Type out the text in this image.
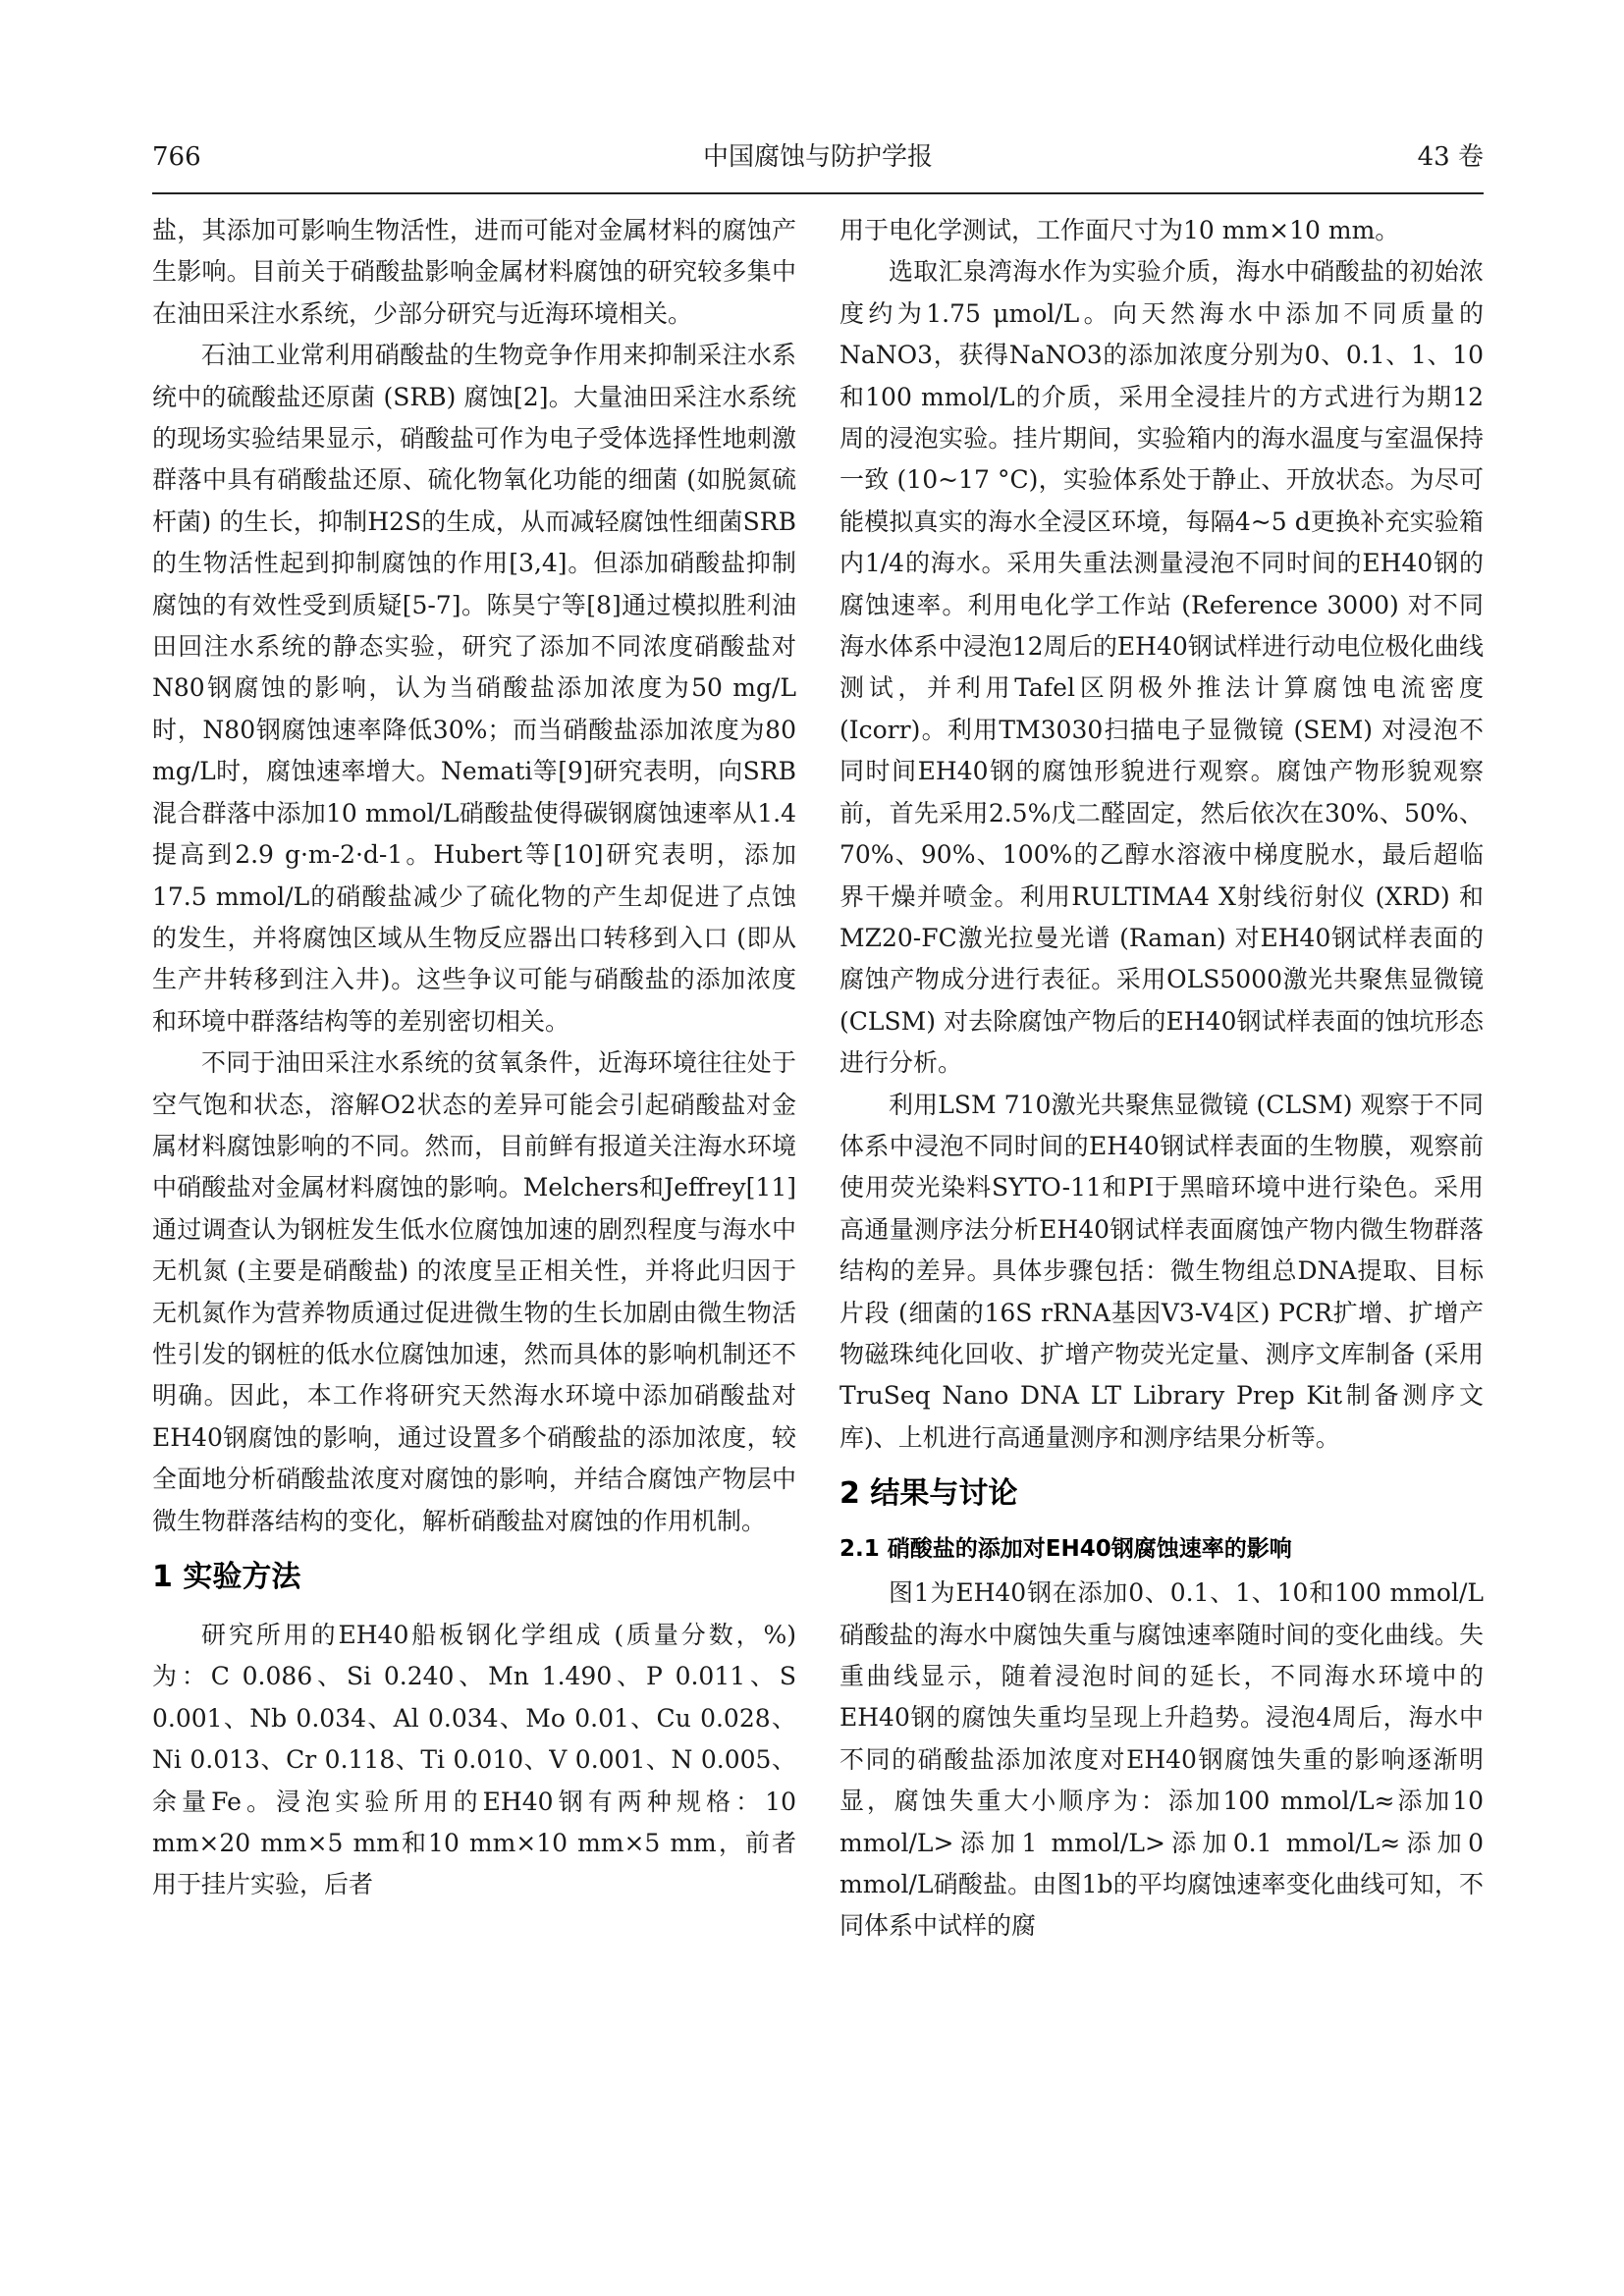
766	中国腐蚀与防护学报	43 卷

盐，其添加可影响生物活性，进而可能对金属材料的腐蚀产生影响。目前关于硝酸盐影响金属材料腐蚀的研究较多集中在油田采注水系统，少部分研究与近海环境相关。

石油工业常利用硝酸盐的生物竞争作用来抑制采注水系统中的硫酸盐还原菌 (SRB) 腐蚀[2]。大量油田采注水系统的现场实验结果显示，硝酸盐可作为电子受体选择性地刺激群落中具有硝酸盐还原、硫化物氧化功能的细菌 (如脱氮硫杆菌) 的生长，抑制H2S的生成，从而减轻腐蚀性细菌SRB的生物活性起到抑制腐蚀的作用[3,4]。但添加硝酸盐抑制腐蚀的有效性受到质疑[5-7]。陈昊宁等[8]通过模拟胜利油田回注水系统的静态实验，研究了添加不同浓度硝酸盐对N80钢腐蚀的影响，认为当硝酸盐添加浓度为50 mg/L时，N80钢腐蚀速率降低30%；而当硝酸盐添加浓度为80 mg/L时，腐蚀速率增大。Nemati等[9]研究表明，向SRB混合群落中添加10 mmol/L硝酸盐使得碳钢腐蚀速率从1.4提高到2.9 g·m-2·d-1。Hubert等[10]研究表明，添加17.5 mmol/L的硝酸盐减少了硫化物的产生却促进了点蚀的发生，并将腐蚀区域从生物反应器出口转移到入口 (即从生产井转移到注入井)。这些争议可能与硝酸盐的添加浓度和环境中群落结构等的差别密切相关。

不同于油田采注水系统的贫氧条件，近海环境往往处于空气饱和状态，溶解O2状态的差异可能会引起硝酸盐对金属材料腐蚀影响的不同。然而，目前鲜有报道关注海水环境中硝酸盐对金属材料腐蚀的影响。Melchers和Jeffrey[11]通过调查认为钢桩发生低水位腐蚀加速的剧烈程度与海水中无机氮 (主要是硝酸盐) 的浓度呈正相关性，并将此归因于无机氮作为营养物质通过促进微生物的生长加剧由微生物活性引发的钢桩的低水位腐蚀加速，然而具体的影响机制还不明确。因此，本工作将研究天然海水环境中添加硝酸盐对EH40钢腐蚀的影响，通过设置多个硝酸盐的添加浓度，较全面地分析硝酸盐浓度对腐蚀的影响，并结合腐蚀产物层中微生物群落结构的变化，解析硝酸盐对腐蚀的作用机制。

1 实验方法

研究所用的EH40船板钢化学组成 (质量分数，%) 为：C 0.086、Si 0.240、Mn 1.490、P 0.011、S 0.001、Nb 0.034、Al 0.034、Mo 0.01、Cu 0.028、Ni 0.013、Cr 0.118、Ti 0.010、V 0.001、N 0.005、余量Fe。浸泡实验所用的EH40钢有两种规格：10 mm×20 mm×5 mm和10 mm×10 mm×5 mm，前者用于挂片实验，后者

用于电化学测试，工作面尺寸为10 mm×10 mm。

选取汇泉湾海水作为实验介质，海水中硝酸盐的初始浓度约为1.75 μmol/L。向天然海水中添加不同质量的NaNO3，获得NaNO3的添加浓度分别为0、0.1、1、10和100 mmol/L的介质，采用全浸挂片的方式进行为期12周的浸泡实验。挂片期间，实验箱内的海水温度与室温保持一致 (10~17 °C)，实验体系处于静止、开放状态。为尽可能模拟真实的海水全浸区环境，每隔4~5 d更换补充实验箱内1/4的海水。采用失重法测量浸泡不同时间的EH40钢的腐蚀速率。利用电化学工作站 (Reference 3000) 对不同海水体系中浸泡12周后的EH40钢试样进行动电位极化曲线测试，并利用Tafel区阴极外推法计算腐蚀电流密度 (Icorr)。利用TM3030扫描电子显微镜 (SEM) 对浸泡不同时间EH40钢的腐蚀形貌进行观察。腐蚀产物形貌观察前，首先采用2.5%戊二醛固定，然后依次在30%、50%、70%、90%、100%的乙醇水溶液中梯度脱水，最后超临界干燥并喷金。利用RULTIMA4 X射线衍射仪 (XRD) 和MZ20-FC激光拉曼光谱 (Raman) 对EH40钢试样表面的腐蚀产物成分进行表征。采用OLS5000激光共聚焦显微镜 (CLSM) 对去除腐蚀产物后的EH40钢试样表面的蚀坑形态进行分析。

利用LSM 710激光共聚焦显微镜 (CLSM) 观察于不同体系中浸泡不同时间的EH40钢试样表面的生物膜，观察前使用荧光染料SYTO-11和PI于黑暗环境中进行染色。采用高通量测序法分析EH40钢试样表面腐蚀产物内微生物群落结构的差异。具体步骤包括：微生物组总DNA提取、目标片段 (细菌的16S rRNA基因V3-V4区) PCR扩增、扩增产物磁珠纯化回收、扩增产物荧光定量、测序文库制备 (采用TruSeq Nano DNA LT Library Prep Kit制备测序文库)、上机进行高通量测序和测序结果分析等。

2 结果与讨论
2.1 硝酸盐的添加对EH40钢腐蚀速率的影响

图1为EH40钢在添加0、0.1、1、10和100 mmol/L硝酸盐的海水中腐蚀失重与腐蚀速率随时间的变化曲线。失重曲线显示，随着浸泡时间的延长，不同海水环境中的EH40钢的腐蚀失重均呈现上升趋势。浸泡4周后，海水中不同的硝酸盐添加浓度对EH40钢腐蚀失重的影响逐渐明显，腐蚀失重大小顺序为：添加100 mmol/L≈添加10 mmol/L>添加1 mmol/L>添加0.1 mmol/L≈添加0 mmol/L硝酸盐。由图1b的平均腐蚀速率变化曲线可知，不同体系中试样的腐
